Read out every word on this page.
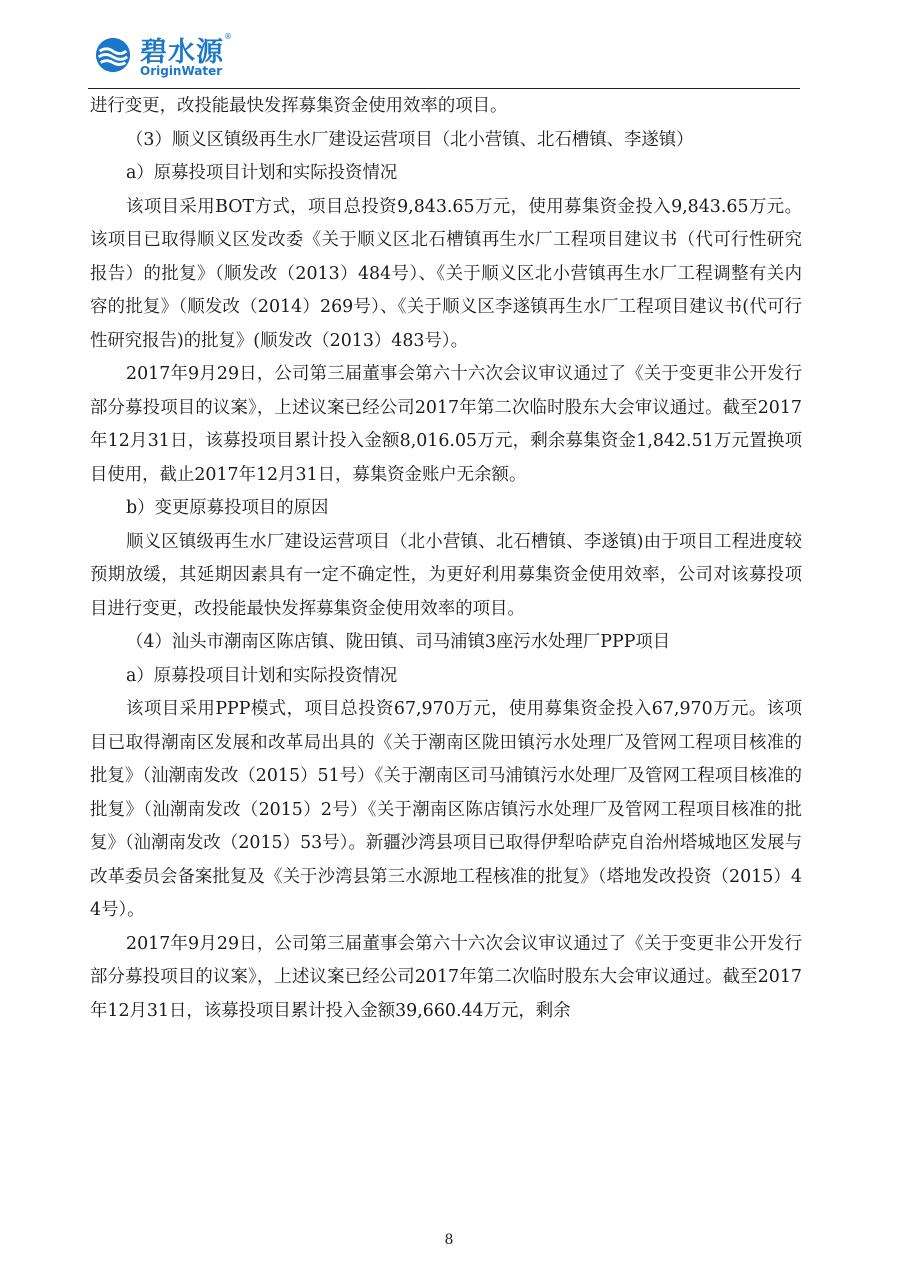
碧水源
®
OriginWater

进行变更，改投能最快发挥募集资金使用效率的项目。

（3）顺义区镇级再生水厂建设运营项目（北小营镇、北石槽镇、李遂镇）

a）原募投项目计划和实际投资情况

该项目采用BOT方式，项目总投资9,843.65万元，使用募集资金投入9,843.65万元。该项目已取得顺义区发改委《关于顺义区北石槽镇再生水厂工程项目建议书（代可行性研究报告）的批复》（顺发改（2013）484号）、《关于顺义区北小营镇再生水厂工程调整有关内容的批复》（顺发改（2014）269号）、《关于顺义区李遂镇再生水厂工程项目建议书(代可行性研究报告)的批复》(顺发改（2013）483号）。

2017年9月29日，公司第三届董事会第六十六次会议审议通过了《关于变更非公开发行部分募投项目的议案》，上述议案已经公司2017年第二次临时股东大会审议通过。截至2017年12月31日，该募投项目累计投入金额8,016.05万元，剩余募集资金1,842.51万元置换项目使用，截止2017年12月31日，募集资金账户无余额。

b）变更原募投项目的原因

顺义区镇级再生水厂建设运营项目（北小营镇、北石槽镇、李遂镇)由于项目工程进度较预期放缓，其延期因素具有一定不确定性，为更好利用募集资金使用效率，公司对该募投项目进行变更，改投能最快发挥募集资金使用效率的项目。

（4）汕头市潮南区陈店镇、陇田镇、司马浦镇3座污水处理厂PPP项目

a）原募投项目计划和实际投资情况

该项目采用PPP模式，项目总投资67,970万元，使用募集资金投入67,970万元。该项目已取得潮南区发展和改革局出具的《关于潮南区陇田镇污水处理厂及管网工程项目核准的批复》（汕潮南发改（2015）51号）《关于潮南区司马浦镇污水处理厂及管网工程项目核准的批复》（汕潮南发改（2015）2号）《关于潮南区陈店镇污水处理厂及管网工程项目核准的批复》（汕潮南发改（2015）53号）。新疆沙湾县项目已取得伊犁哈萨克自治州塔城地区发展与改革委员会备案批复及《关于沙湾县第三水源地工程核准的批复》（塔地发改投资（2015）44号）。

2017年9月29日，公司第三届董事会第六十六次会议审议通过了《关于变更非公开发行部分募投项目的议案》，上述议案已经公司2017年第二次临时股东大会审议通过。截至2017年12月31日，该募投项目累计投入金额39,660.44万元，剩余

8
